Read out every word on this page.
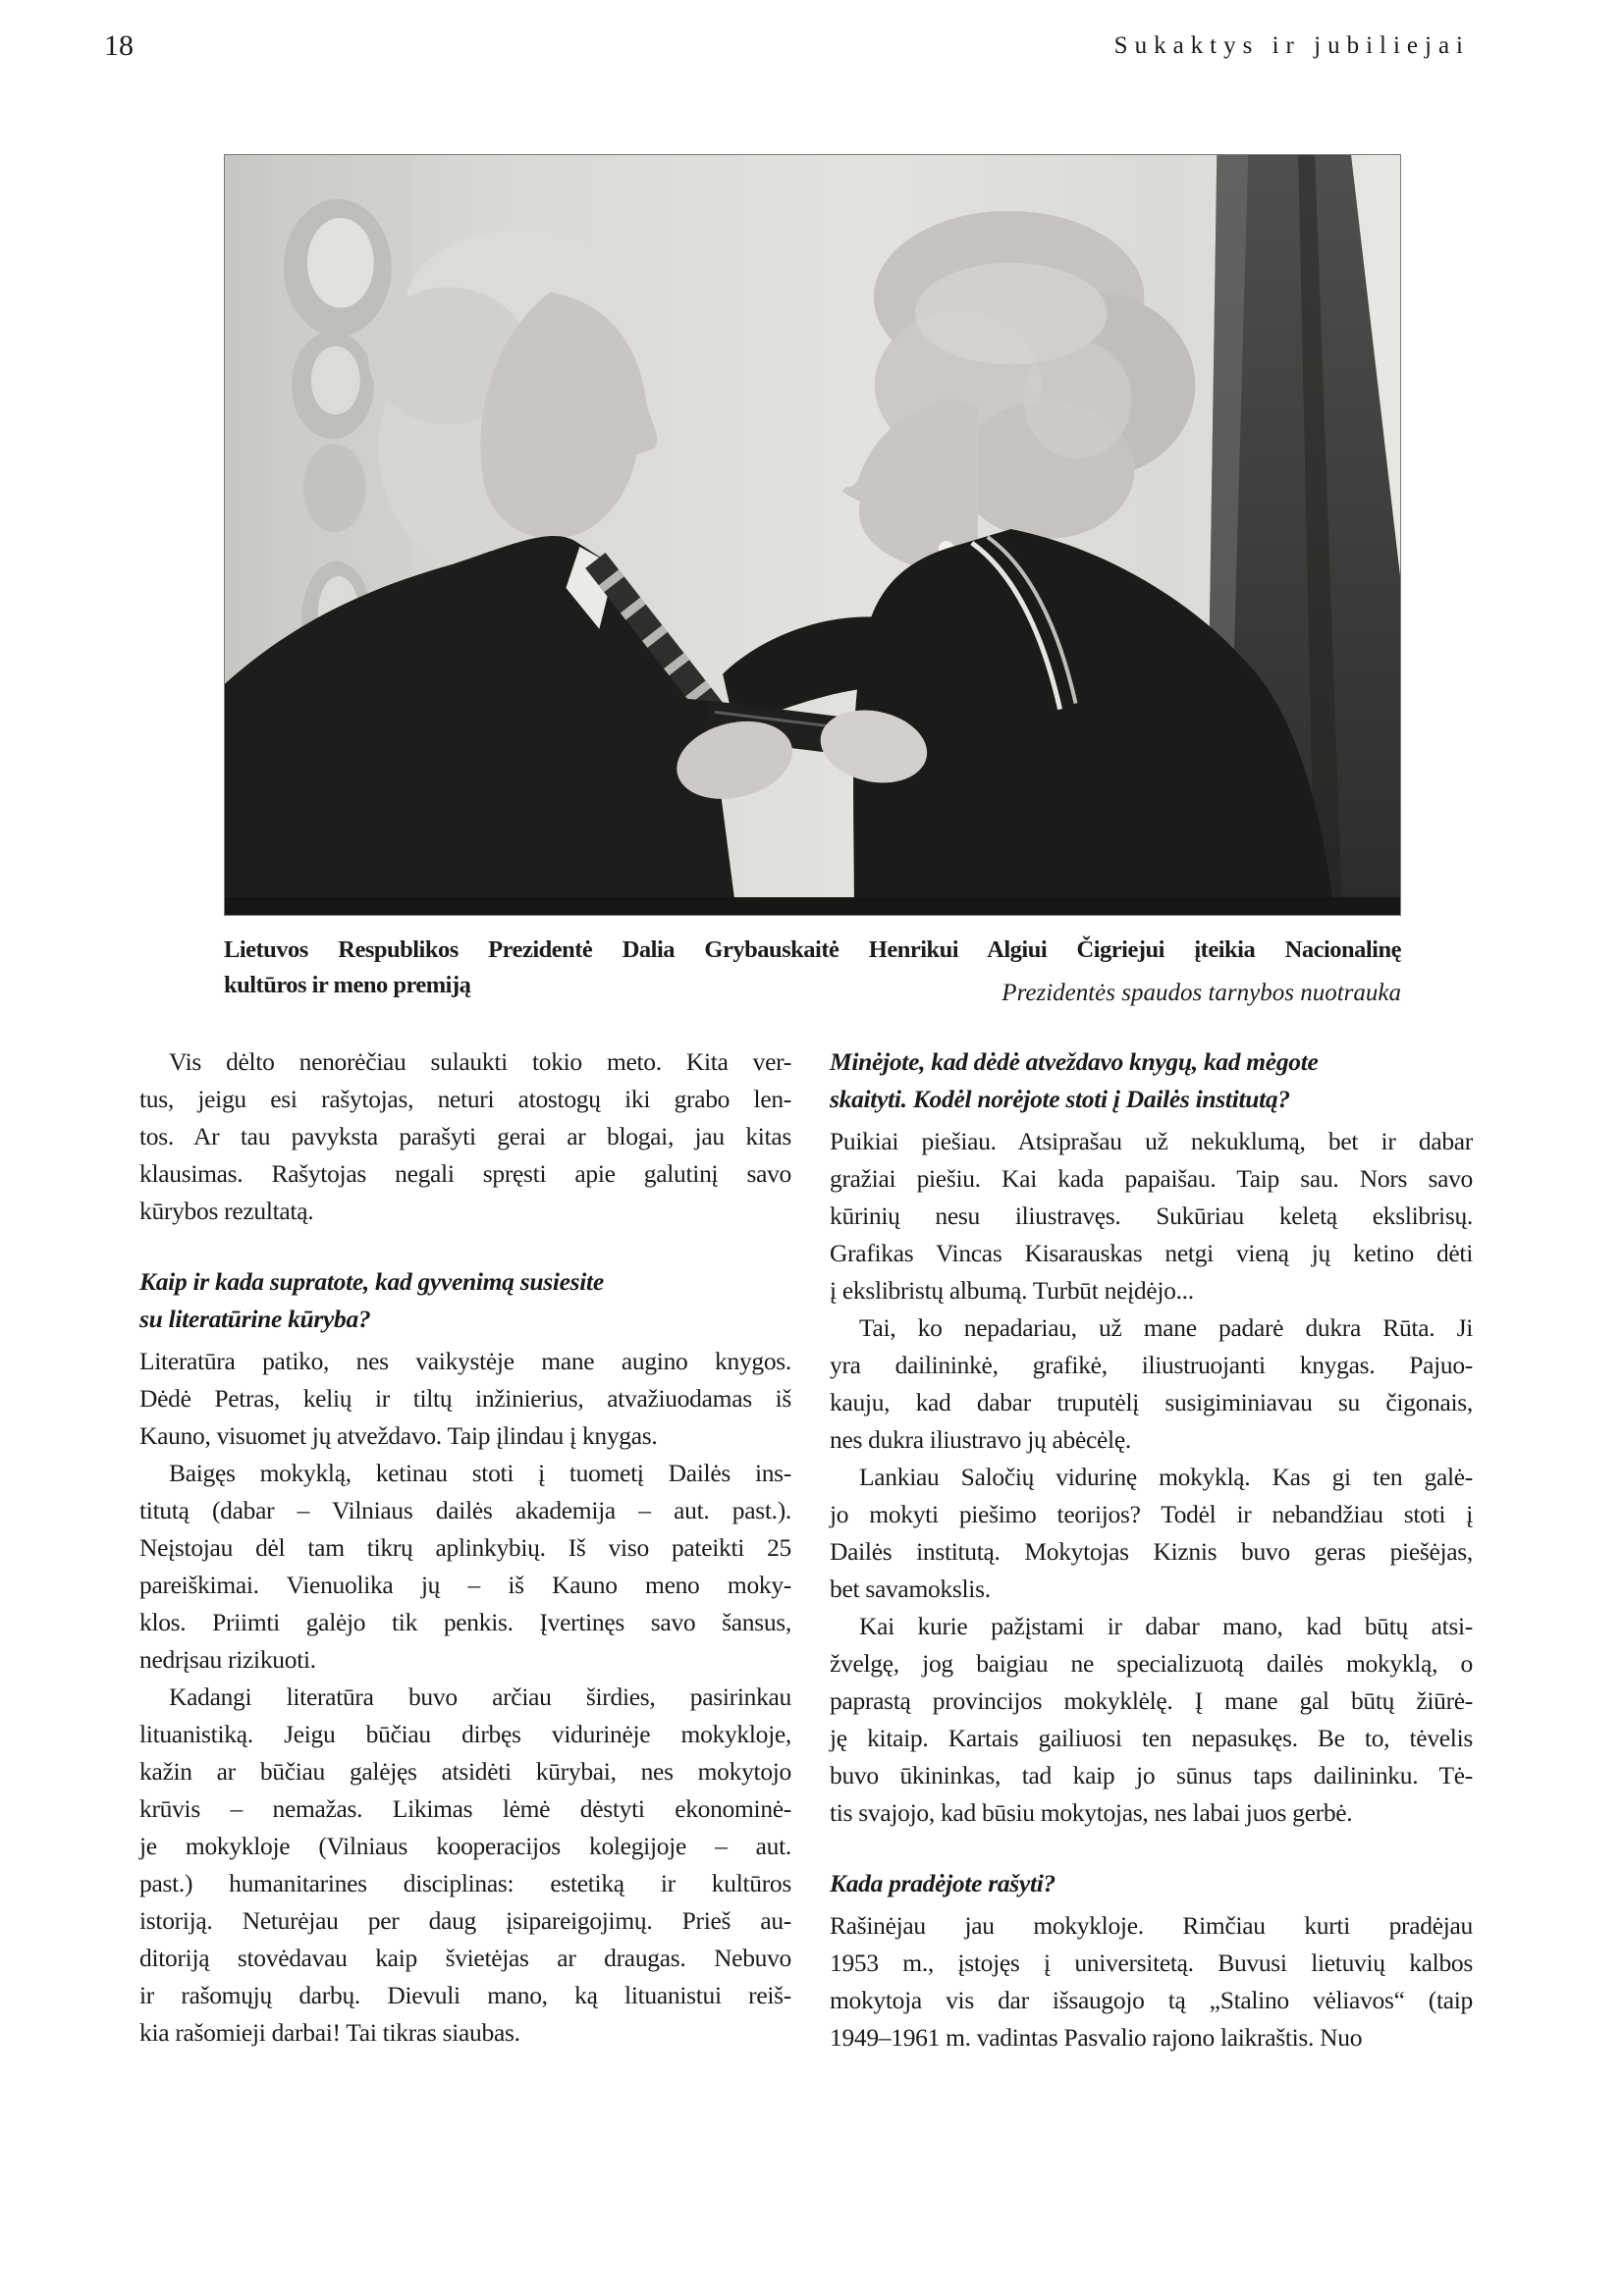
18	Sukaktys ir jubiliejai
Lietuvos Respublikos Prezidentė Dalia Grybauskaitė Henrikui Algiui Čigriejui įteikia Nacionalinę
kultūros ir meno premiją	Prezidentės spaudos tarnybos nuotrauka
Vis dėlto nenorėčiau sulaukti tokio meto. Kita ver-
tus, jeigu esi rašytojas, neturi atostogų iki grabo len-
tos. Ar tau pavyksta parašyti gerai ar blogai, jau kitas
klausimas. Rašytojas negali spręsti apie galutinį savo
kūrybos rezultatą.
Kaip ir kada supratote, kad gyvenimą susiesite
su literatūrine kūryba?
Literatūra patiko, nes vaikystėje mane augino knygos.
Dėdė Petras, kelių ir tiltų inžinierius, atvažiuodamas iš
Kauno, visuomet jų atveždavo. Taip įlindau į knygas.
Baigęs mokyklą, ketinau stoti į tuometį Dailės ins-
titutą (dabar – Vilniaus dailės akademija – aut. past.).
Neįstojau dėl tam tikrų aplinkybių. Iš viso pateikti 25
pareiškimai. Vienuolika jų – iš Kauno meno moky-
klos. Priimti galėjo tik penkis. Įvertinęs savo šansus,
nedrįsau rizikuoti.
Kadangi literatūra buvo arčiau širdies, pasirinkau
lituanistiką. Jeigu būčiau dirbęs vidurinėje mokykloje,
kažin ar būčiau galėjęs atsidėti kūrybai, nes mokytojo
krūvis – nemažas. Likimas lėmė dėstyti ekonominė-
je mokykloje (Vilniaus kooperacijos kolegijoje – aut.
past.) humanitarines disciplinas: estetiką ir kultūros
istoriją. Neturėjau per daug įsipareigojimų. Prieš au-
ditoriją stovėdavau kaip švietėjas ar draugas. Nebuvo
ir rašomųjų darbų. Dievuli mano, ką lituanistui reiš-
kia rašomieji darbai! Tai tikras siaubas.
Minėjote, kad dėdė atveždavo knygų, kad mėgote
skaityti. Kodėl norėjote stoti į Dailės institutą?
Puikiai piešiau. Atsiprašau už nekuklumą, bet ir dabar
gražiai piešiu. Kai kada papaišau. Taip sau. Nors savo
kūrinių nesu iliustravęs. Sukūriau keletą ekslibrisų.
Grafikas Vincas Kisarauskas netgi vieną jų ketino dėti
į ekslibristų albumą. Turbūt neįdėjo...
Tai, ko nepadariau, už mane padarė dukra Rūta. Ji
yra dailininkė, grafikė, iliustruojanti knygas. Pajuo-
kauju, kad dabar truputėlį susigiminiavau su čigonais,
nes dukra iliustravo jų abėcėlę.
Lankiau Saločių vidurinę mokyklą. Kas gi ten galė-
jo mokyti piešimo teorijos? Todėl ir nebandžiau stoti į
Dailės institutą. Mokytojas Kiznis buvo geras piešėjas,
bet savamokslis.
Kai kurie pažįstami ir dabar mano, kad būtų atsi-
žvelgę, jog baigiau ne specializuotą dailės mokyklą, o
paprastą provincijos mokyklėlę. Į mane gal būtų žiūrė-
ję kitaip. Kartais gailiuosi ten nepasukęs. Be to, tėvelis
buvo ūkininkas, tad kaip jo sūnus taps dailininku. Tė-
tis svajojo, kad būsiu mokytojas, nes labai juos gerbė.
Kada pradėjote rašyti?
Rašinėjau jau mokykloje. Rimčiau kurti pradėjau
1953 m., įstojęs į universitetą. Buvusi lietuvių kalbos
mokytoja vis dar išsaugojo tą „Stalino vėliavos“ (taip
1949–1961 m. vadintas Pasvalio rajono laikraštis. Nuo
